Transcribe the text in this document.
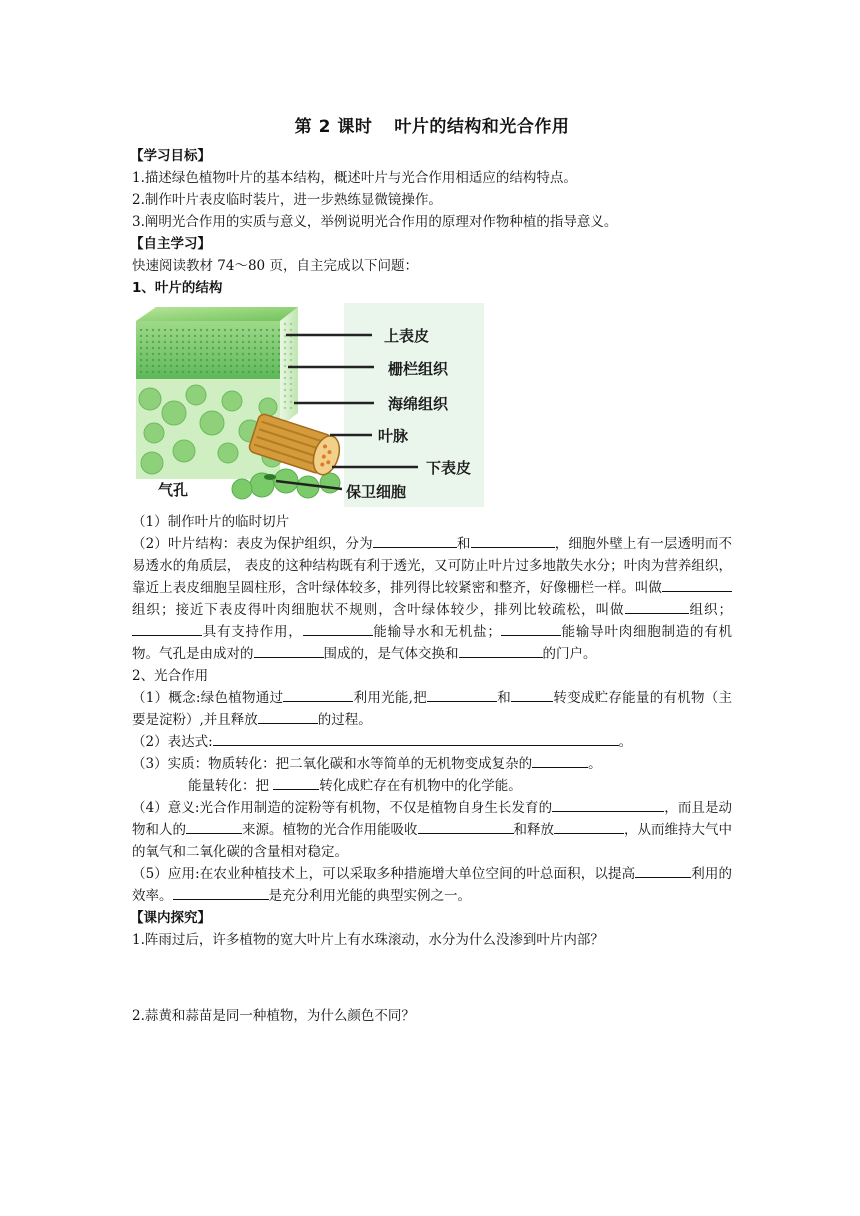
第 2 课时 叶片的结构和光合作用
【学习目标】
1.描述绿色植物叶片的基本结构，概述叶片与光合作用相适应的结构特点。
2.制作叶片表皮临时装片，进一步熟练显微镜操作。
3.阐明光合作用的实质与意义，举例说明光合作用的原理对作物种植的指导意义。
【自主学习】
快速阅读教材 74～80 页，自主完成以下问题：
1、叶片的结构
上表皮
栅栏组织
海绵组织
叶脉
下表皮
保卫细胞
气孔
（1）制作叶片的临时切片
（2）叶片结构：表皮为保护组织，分为	和	，细胞外壁上有一层透明而不易透水的角质层， 表皮的这种结构既有利于透光，又可防止叶片过多地散失水分；叶肉为营养组织，靠近上表皮细胞呈圆柱形，含叶绿体较多，排列得比较紧密和整齐，好像栅栏一样。叫做组织；接近下表皮得叶肉细胞状不规则，含叶绿体较少，排列比较疏松，叫做	组织；具有支持作用，	能输导水和无机盐；	能输导叶肉细胞制造的有机物。气孔是由成对的	围成的，是气体交换和	的门户。
2、光合作用
（1）概念:绿色植物通过	利用光能,把	和	转变成贮存能量的有机物（主要是淀粉）,并且释放	的过程。
（2）表达式:	。
（3）实质：物质转化：把二氧化碳和水等简单的无机物变成复杂的	。
能量转化：把	转化成贮存在有机物中的化学能。
（4）意义:光合作用制造的淀粉等有机物，不仅是植物自身生长发育的	，而且是动物和人的	来源。植物的光合作用能吸收	和释放	，从而维持大气中的氧气和二氧化碳的含量相对稳定。
（5）应用:在农业种植技术上，可以采取多种措施增大单位空间的叶总面积，以提高	利用的效率。	是充分利用光能的典型实例之一。
【课内探究】
1.阵雨过后，许多植物的宽大叶片上有水珠滚动，水分为什么没渗到叶片内部？
2.蒜黄和蒜苗是同一种植物，为什么颜色不同？
